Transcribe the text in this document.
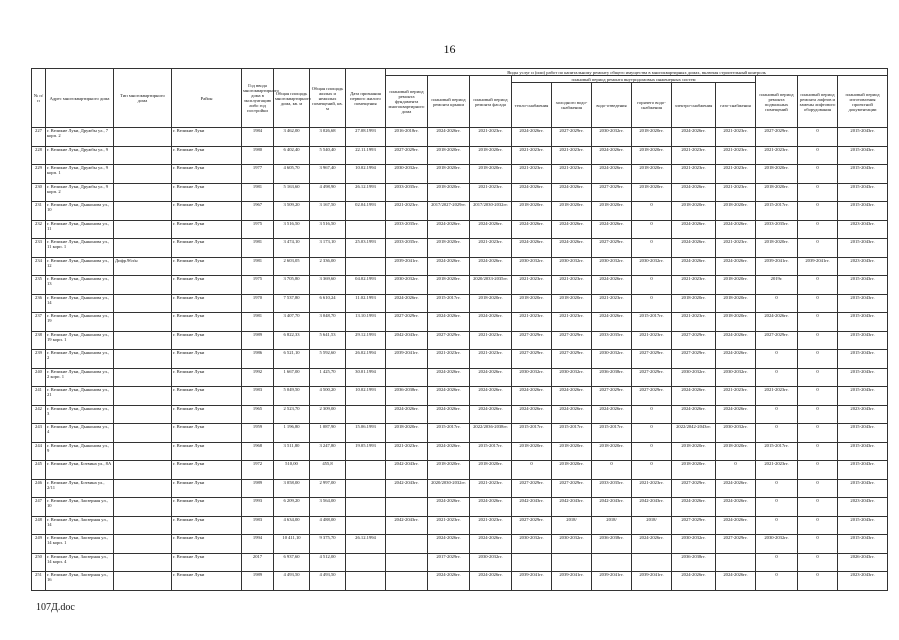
16
№ п/п	Адрес многоквартирного дома	Тип многоквартирного дома	Район	Год ввода многоквартирного дома в эксплуатацию либо год постройки	Общая площадь многоквартирного дома, кв. м	Общая площадь жилых и нежилых помещений, кв. м	Дата признания первого жилого помещения	Виды услуг и (или) работ по капитальному ремонту общего имущества в многоквартирных домах, включая строительный контроль											
								плановый период ремонта фундамента многоквартирного дома	плановый период ремонта крыши	плановый период ремонта фасада	плановый период ремонта внутридомовых инженерных систем						плановый период ремонта подвальных помещений	плановый период ремонта лифтов и замены лифтового оборудования	плановый период изготовления проектной документации
											тепло-снабжения	холодного водо-снабжения	водо-отведения	горячего водо-снабжения	электро-снабжения	газо-снабжения			
227	г. Великие Луки, Дружбы ул., 7 корп. 2		г. Великие Луки	1984	3 462,00	3 026,68	27.08.1993	2016-2018гг.	2024-2026гг.	2021-2023гг.	2024-2026гг.	2027-2029гг.	2030-2032гг.	2018-2020гг.	2024-2026гг.	2021-2023гг.	2027-2029гг.	0	2015-2043гг.
228	г. Великие Луки, Дружбы ул., 9		г. Великие Луки	1980	6 402,40	5 540,40	22.11.1993	2027-2029гг.	2018-2020гг.	2018-2020гг.	2021-2023гг.	2021-2023гг.	2024-2026гг.	2018-2020гг.	2021-2023гг.	2021-2023гг.	2021-2023гг.	0	2015-2043гг.
229	г. Великие Луки, Дружбы ул., 9 корп. 1		г. Великие Луки	1977	4 605,70	3 967,40	10.02.1994	2030-2032гг.	2018-2020гг.	2018-2020гг.	2021-2023гг.	2021-2023гг.	2024-2026гг.	2018-2020гг.	2021-2023гг.	2021-2023гг.	2018-2020гг.	0	2015-2043гг.
230	г. Великие Луки, Дружбы ул., 9 корп. 2		г. Великие Луки	1981	5 163,60	4 498,90	26.12.1993	2033-2035гг.	2018-2020гг.	2021-2023гг.	2024-2026гг.	2024-2026гг.	2027-2029гг.	2018-2020гг.	2024-2026гг.	2021-2023гг.	2018-2020гг.	0	2015-2043гг.
231	г. Великие Луки, Дьяконова ул., 10		г. Великие Луки	1967	3 509,20	3 167,50	02.04.1993	2021-2023гг.	2017/2027-2029гг.	2017/2030-2032гг.	2018-2020гг.	2018-2020гг.	2018-2020гг.	0	2018-2020гг.	2018-2020гг.	2015-2017гг.	0	2015-2043гг.
232	г. Великие Луки, Дьяконова ул., 11		г. Великие Луки	1975	3 516,50	3 516,50		2033-2035гг.	2024-2026гг.	2024-2026гг.	2024-2026гг.	2024-2026гг.	2024-2026гг.	0	2024-2026гг.	2024-2026гг.	2033-2035гг.	0	2023-2043гг.
233	г. Великие Луки, Дьяконова ул., 11 корп. 1		г. Великие Луки	1981	3 474,10	3 173,10	25.03.1993	2033-2035гг.	2018-2020гг.	2021-2023гг.	2024-2026гг.	2024-2026гг.	2027-2029гг.	0	2024-2026гг.	2021-2023гг.	2018-2020гг.	0	2015-2043гг.
234	г. Великие Луки, Дьяконова ул., 12	Дифр.9бл/н	г. Великие Луки	1981	2 603,05	2 336,00		2039-2041гг.	2024-2026гг.	2024-2026гг.	2030-2032гг.	2030-2032гг.	2030-2032гг.	2030-2032гг.	2024-2026гг.	2024-2026гг.	2039-2041гг.	2039-2041гг.	2023-2043гг.
235	г. Великие Луки, Дьяконова ул., 13		г. Великие Луки	1975	3 705,80	3 369,60	04.02.1993	2030-2032гг.	2018-2020гг.	2020/2033-2035гг.	2021-2023гг.	2021-2023гг.	2024-2026гг.	0	2021-2023гг.	2018-2020гг.	2019г.	0	2015-2043гг.
236	г. Великие Луки, Дьяконова ул., 14		г. Великие Луки	1970	7 537,80	6 610,24	11.02.1993	2024-2026гг.	2015-2017гг.	2018-2020гг.	2018-2020гг.	2018-2020гг.	2021-2023гг.	0	2018-2020гг.	2018-2020гг.	0	0	2015-2043гг.
237	г. Великие Луки, Дьяконова ул., 19		г. Великие Луки	1981	3 407,70	3 048,70	13.10.1993	2027-2029гг.	2024-2026гг.	2024-2026гг.	2021-2023гг.	2021-2023гг.	2024-2026гг.	2015-2017гг.	2021-2023гг.	2018-2020гг.	2024-2026гг.	0	2015-2043гг.
238	г. Великие Луки, Дьяконова ул., 19 корп. 1		г. Великие Луки	1989	6 822,33	5 641,53	29.12.1993	2042-2043гг.	2027-2029гг.	2021-2023гг.	2027-2029гг.	2027-2029гг.	2033-2035гг.	2021-2023гг.	2027-2029гг.	2024-2026гг.	2027-2029гг.	0	2015-2043гг.
239	г. Великие Луки, Дьяконова ул., 2		г. Великие Луки	1986	6 521,10	5 592,60	26.02.1994	2039-2041гг.	2021-2023гг.	2021-2023гг.	2027-2029гг.	2027-2029гг.	2030-2032гг.	2027-2029гг.	2027-2029гг.	2024-2026гг.	0	0	2015-2043гг.
240	г. Великие Луки, Дьяконова ул., 2 корп. 1		г. Великие Луки	1992	1 667,00	1 425,70	30.01.1994		2024-2026гг.	2024-2026гг.	2030-2032гг.	2030-2032гг.	2036-2038гг.	2027-2029гг.	2030-2032гг.	2030-2032гг.	0	0	2015-2043гг.
241	г. Великие Луки, Дьяконова ул., 21		г. Великие Луки	1983	5 049,50	4 500,20	10.02.1993	2036-2038гг.	2024-2026гг.	2024-2026гг.	2024-2026гг.	2024-2026гг.	2027-2029гг.	2027-2029гг.	2024-2026гг.	2021-2023гг.	2021-2023гг.	0	2015-2043гг.
242	г. Великие Луки, Дьяконова ул., 3		г. Великие Луки	1965	2 523,70	2 309,00		2024-2026гг.	2024-2026гг.	2024-2026гг.	2024-2026гг.	2024-2026гг.	2024-2026гг.	0	2024-2026гг.	2024-2026гг.	0	0	2023-2043гг.
243	г. Великие Луки, Дьяконова ул., 4		г. Великие Луки	1959	1 196,80	1 087,90	15.06.1993	2018-2020гг.	2015-2017гг.	2022/2036-2038гг.	2015-2017гг.	2015-2017гг.	2015-2017гг.	0	2022/2042-2043гг.	2030-2032гг.	0	0	2015-2043гг.
244	г. Великие Луки, Дьяконова ул., 9		г. Великие Луки	1968	3 511,80	3 247,80	19.05.1993	2021-2023гг.	2024-2026гг.	2015-2017гг.	2018-2020гг.	2018-2020гг.	2018-2020гг.	0	2018-2020гг.	2018-2020гг.	2015-2017гг.	0	2015-2043гг.
245	г. Великие Луки, Ботвина ул., 8А		г. Великие Луки	1972	510,00	455,8		2042-2043гг.	2018-2020гг.	2018-2020гг.	0	2018-2020гг.	0	0	2018-2020гг.	0	2021-2023гг.	0	2015-2043гг.
246	г. Великие Луки, Ботвина ул., 2/11		г. Великие Луки	1989	3 058,00	2 997,00		2042-2043гг.	2020/2030-2032гг.	2021-2023гг.	2027-2029гг.	2027-2029гг.	2033-2035гг.	2021-2023гг.	2027-2029гг.	2024-2026гг.	0	0	2015-2043гг.
247	г. Великие Луки, Заозерная ул., 10		г. Великие Луки	1993	6 209,20	3 564,00			2024-2026гг.	2024-2026гг.	2042-2043гг.	2042-2043гг.	2042-2043гг.	2042-2043гг.	2024-2026гг.	2024-2026гг.	0	0	2023-2043гг.
248	г. Великие Луки, Заозерная ул., 14		г. Великие Луки	1983	4 634,00	4 488,00		2042-2043гг.	2021-2023гг.	2021-2023гг.	2027-2029гг.	2018/	2018/	2018/	2027-2029гг.	2024-2026гг.	0	0	2015-2043гг.
249	г. Великие Луки, Заозерная ул., 14 корп. 1		г. Великие Луки	1994	10 411,10	9 375,70	26.12.1994		2024-2026гг.	2024-2026гг.	2030-2032гг.	2030-2032гг.	2036-2038гг.	2024-2026гг.	2030-2032гг.	2027-2029гг.	2030-2032гг.	0	2015-2043гг.
250	г. Великие Луки, Заозерная ул., 14 корп. 4		г. Великие Луки	2017	6 937,60	4 512,00			2017-2029гг.	2030-2032гг.					2036-2038гг.		0	0	2026-2043гг.
251	г. Великие Луки, Заозерная ул., 16		г. Великие Луки	1989	4 493,50	4 493,50			2024-2026гг.	2024-2026гг.	2039-2041гг.	2039-2041гг.	2039-2041гг.	2039-2041гг.	2024-2026гг.	2024-2026гг.	0	0	2023-2043гг.
107Д.doc
